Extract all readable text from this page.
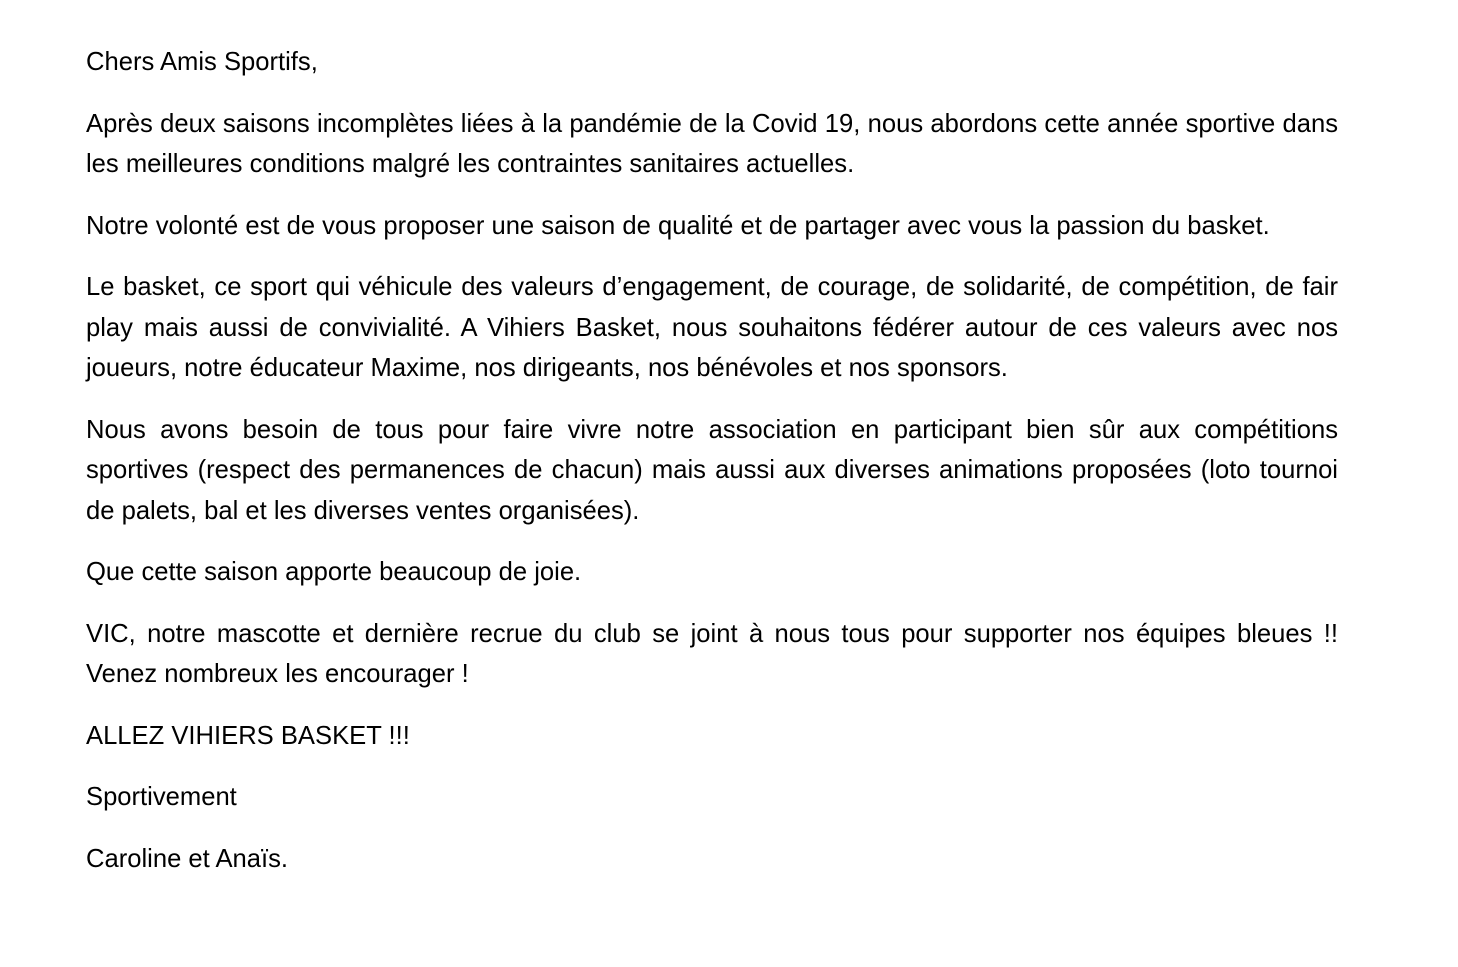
Chers Amis Sportifs,

Après deux saisons incomplètes liées à la pandémie de la Covid 19, nous abordons cette année sportive dans les meilleures conditions malgré les contraintes sanitaires actuelles.

Notre volonté est de vous proposer une saison de qualité et de partager avec vous la passion du basket.

Le basket, ce sport qui véhicule des valeurs d’engagement, de courage, de solidarité, de compétition, de fair play mais aussi de convivialité. A Vihiers Basket, nous souhaitons fédérer autour de ces valeurs avec nos joueurs, notre éducateur Maxime, nos dirigeants, nos bénévoles et nos sponsors.

Nous avons besoin de tous pour faire vivre notre association en participant bien sûr aux compétitions sportives (respect des permanences de chacun) mais aussi aux diverses animations proposées (loto tournoi de palets, bal et les diverses ventes organisées).

Que cette saison apporte beaucoup de joie.

VIC, notre mascotte et dernière recrue du club se joint à nous tous pour supporter nos équipes bleues !! Venez nombreux les encourager !

ALLEZ VIHIERS BASKET !!!

Sportivement

Caroline et Anaïs.
